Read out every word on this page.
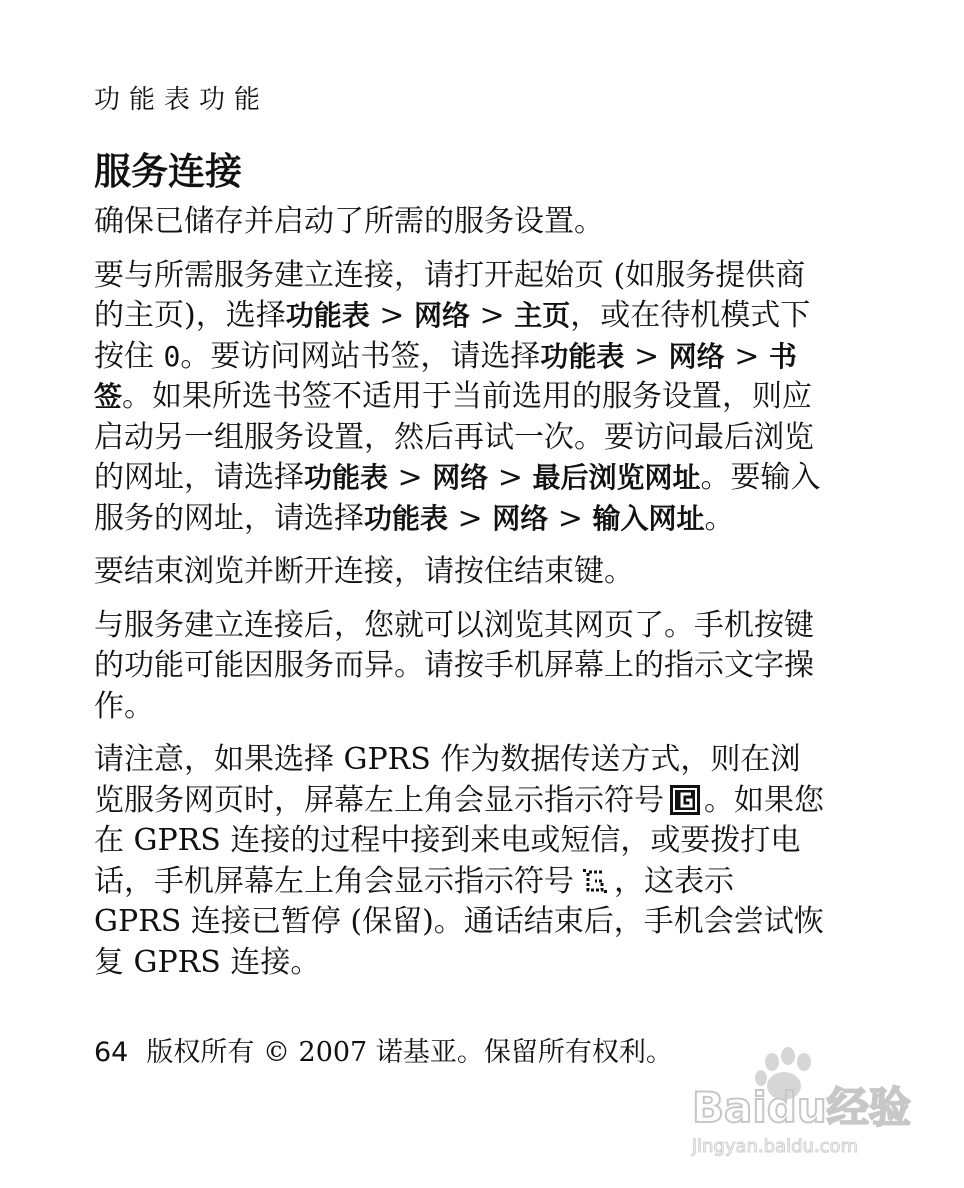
功能表功能
服务连接

确保已储存并启动了所需的服务设置。

要与所需服务建立连接，请打开起始页 (如服务提供商的主页)，选择功能表 > 网络 > 主页，或在待机模式下按住 0。要访问网站书签，请选择功能表 > 网络 > 书签。如果所选书签不适用于当前选用的服务设置，则应启动另一组服务设置，然后再试一次。要访问最后浏览的网址，请选择功能表 > 网络 > 最后浏览网址。要输入服务的网址，请选择功能表 > 网络 > 输入网址。

要结束浏览并断开连接，请按住结束键。

与服务建立连接后，您就可以浏览其网页了。手机按键的功能可能因服务而异。请按手机屏幕上的指示文字操作。

请注意，如果选择 GPRS 作为数据传送方式，则在浏览服务网页时，屏幕左上角会显示指示符号 。如果您在 GPRS 连接的过程中接到来电或短信，或要拨打电话，手机屏幕左上角会显示指示符号 ，这表示 GPRS 连接已暂停 (保留)。通话结束后，手机会尝试恢复 GPRS 连接。

64 版权所有 © 2007 诺基亚。保留所有权利。
Baidu经验
jingyan.baidu.com
